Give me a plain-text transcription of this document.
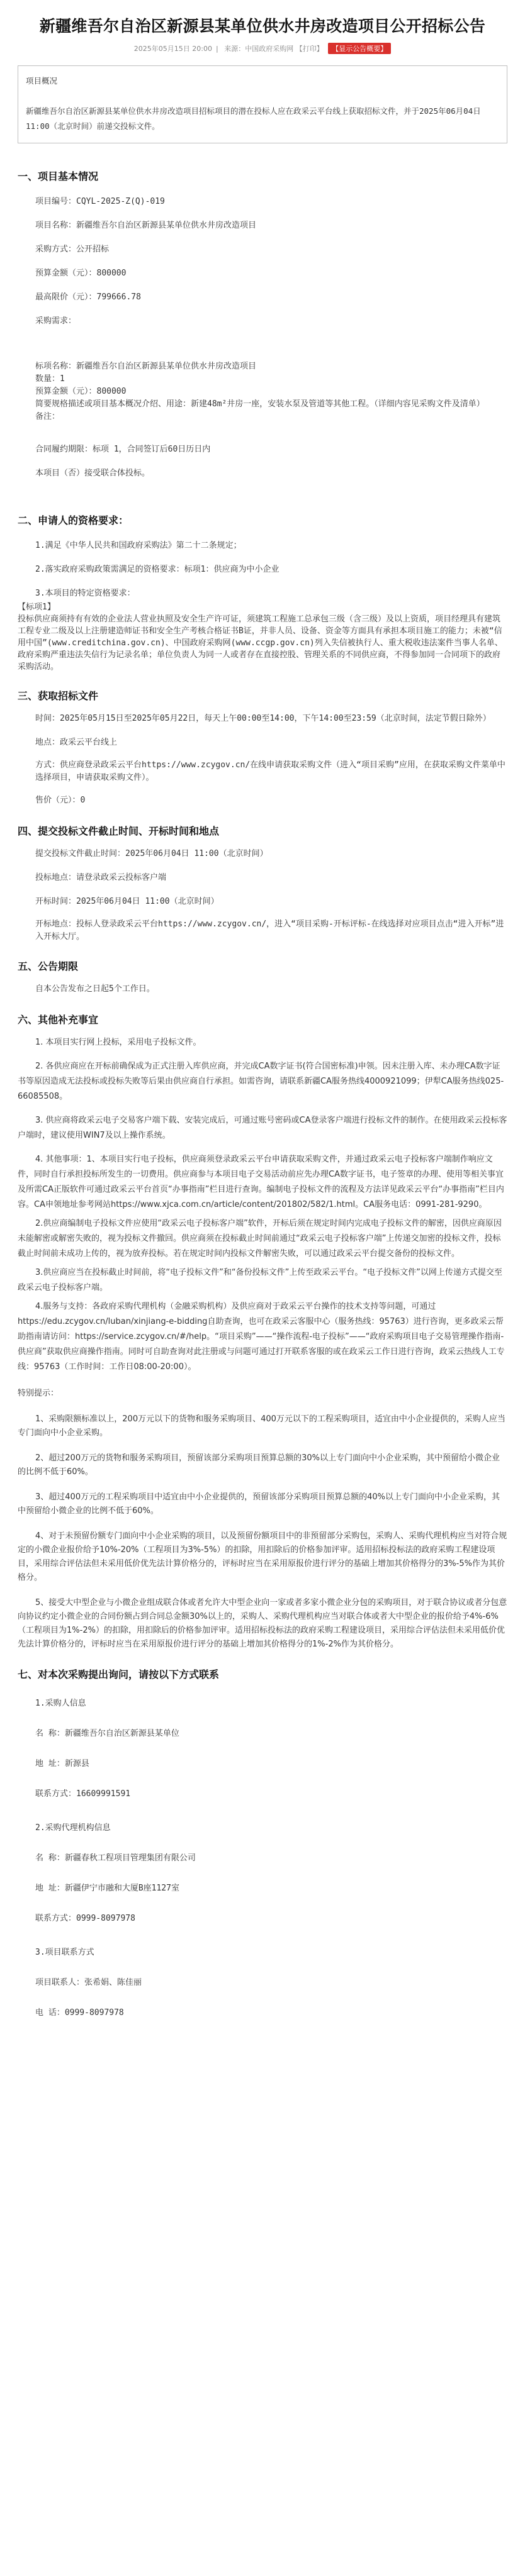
新疆维吾尔自治区新源县某单位供水井房改造项目公开招标公告
2025年05月15日 20:00 | 来源：中国政府采购网 【打印】 【显示公告概要】

项目概况

新疆维吾尔自治区新源县某单位供水井房改造项目招标项目的潜在投标人应在政采云平台线上获取招标文件，并于2025年06月04日 11:00（北京时间）前递交投标文件。

一、项目基本情况

项目编号：CQYL-2025-Z(Q)-019

项目名称：新疆维吾尔自治区新源县某单位供水井房改造项目

采购方式：公开招标

预算金额（元）：800000

最高限价（元）：799666.78

采购需求：

标项名称：新疆维吾尔自治区新源县某单位供水井房改造项目

数量：1

预算金额（元）：800000

简要规格描述或项目基本概况介绍、用途：新建48m²井房一座，安装水泵及管道等其他工程。（详细内容见采购文件及清单）

备注：

合同履约期限：标项 1，合同签订后60日历日内

本项目（否）接受联合体投标。

二、申请人的资格要求：

1.满足《中华人民共和国政府采购法》第二十二条规定；

2.落实政府采购政策需满足的资格要求：标项1：供应商为中小企业

3.本项目的特定资格要求：

【标项1】

投标供应商须持有有效的企业法人营业执照及安全生产许可证，须建筑工程施工总承包三级（含三级）及以上资质，项目经理具有建筑工程专业二级及以上注册建造师证书和安全生产考核合格证书B证，并非人员、设备、资金等方面具有承担本项目施工的能力；未被“信用中国”(www.creditchina.gov.cn)、中国政府采购网(www.ccgp.gov.cn)列入失信被执行人、重大税收违法案件当事人名单、政府采购严重违法失信行为记录名单；单位负责人为同一人或者存在直接控股、管理关系的不同供应商，不得参加同一合同项下的政府采购活动。

三、获取招标文件

时间：2025年05月15日至2025年05月22日，每天上午00:00至14:00，下午14:00至23:59（北京时间，法定节假日除外）

地点：政采云平台线上

方式：供应商登录政采云平台https://www.zcygov.cn/在线申请获取采购文件（进入“项目采购”应用，在获取采购文件菜单中选择项目，申请获取采购文件）。

售价（元）：0

四、提交投标文件截止时间、开标时间和地点

提交投标文件截止时间：2025年06月04日 11:00（北京时间）

投标地点：请登录政采云投标客户端

开标时间：2025年06月04日 11:00（北京时间）

开标地点：投标人登录政采云平台https://www.zcygov.cn/，进入“项目采购-开标评标-在线选择对应项目点击“进入开标”进入开标大厅。

五、公告期限

自本公告发布之日起5个工作日。

六、其他补充事宜

1. 本项目实行网上投标，采用电子投标文件。

2. 各供应商应在开标前确保成为正式注册入库供应商，并完成CA数字证书(符合国密标准)申领。因未注册入库、未办理CA数字证书等原因造成无法投标或投标失败等后果由供应商自行承担。如需咨询，请联系新疆CA服务热线4000921099；伊犁CA服务热线025-66085508。

3. 供应商将政采云电子交易客户端下载、安装完成后，可通过账号密码或CA登录客户端进行投标文件的制作。在使用政采云投标客户端时，建议使用WIN7及以上操作系统。

4. 其他事项：1、本项目实行电子投标，供应商须登录政采云平台申请获取采购文件，并通过政采云电子投标客户端制作响应文件，同时自行承担投标所发生的一切费用。供应商参与本项目电子交易活动前应先办理CA数字证书，电子签章的办理、使用等相关事宜及所需CA正版软件可通过政采云平台首页“办事指南”栏目进行查询。编制电子投标文件的流程及方法详见政采云平台“办事指南”栏目内容。CA申领地址参考网站https://www.xjca.com.cn/article/content/201802/582/1.html。CA服务电话：0991-281-9290。

2.供应商编制电子投标文件应使用“政采云电子投标客户端”软件，开标后须在规定时间内完成电子投标文件的解密，因供应商原因未能解密或解密失败的，视为投标文件撤回。供应商须在投标截止时间前通过“政采云电子投标客户端”上传递交加密的投标文件，投标截止时间前未成功上传的，视为放弃投标。若在规定时间内投标文件解密失败，可以通过政采云平台提交备份的投标文件。

3.供应商应当在投标截止时间前，将“电子投标文件”和“备份投标文件”上传至政采云平台。“电子投标文件”以网上传递方式提交至政采云电子投标客户端。

4.服务与支持：各政府采购代理机构（金融采购机构）及供应商对于政采云平台操作的技术支持等问题，可通过https://edu.zcygov.cn/luban/xinjiang-e-bidding自助查询，也可在政采云客服中心（服务热线：95763）进行咨询，更多政采云帮助指南请访问：https://service.zcygov.cn/#/help。“项目采购”——“操作流程-电子投标”——“政府采购项目电子交易管理操作指南-供应商”获取供应商操作指南。同时可自助查询对此注册或与问题可通过打开联系客服的或在政采云工作日进行咨询，政采云热线人工专线：95763（工作时间：工作日08:00-20:00）。

特别提示：

1、采购限额标准以上，200万元以下的货物和服务采购项目、400万元以下的工程采购项目，适宜由中小企业提供的，采购人应当专门面向中小企业采购。

2、超过200万元的货物和服务采购项目，预留该部分采购项目预算总额的30%以上专门面向中小企业采购，其中预留给小微企业的比例不低于60%。

3、超过400万元的工程采购项目中适宜由中小企业提供的，预留该部分采购项目预算总额的40%以上专门面向中小企业采购，其中预留给小微企业的比例不低于60%。

4、对于未预留份额专门面向中小企业采购的项目，以及预留份额项目中的非预留部分采购包，采购人、采购代理机构应当对符合规定的小微企业报价给予10%-20%（工程项目为3%-5%）的扣除，用扣除后的价格参加评审。适用招标投标法的政府采购工程建设项目，采用综合评估法但未采用低价优先法计算价格分的，评标时应当在采用原报价进行评分的基础上增加其价格得分的3%-5%作为其价格分。

5、接受大中型企业与小微企业组成联合体或者允许大中型企业向一家或者多家小微企业分包的采购项目，对于联合协议或者分包意向协议约定小微企业的合同份额占到合同总金额30%以上的，采购人、采购代理机构应当对联合体或者大中型企业的报价给予4%-6%（工程项目为1%-2%）的扣除，用扣除后的价格参加评审。适用招标投标法的政府采购工程建设项目，采用综合评估法但未采用低价优先法计算价格分的，评标时应当在采用原报价进行评分的基础上增加其价格得分的1%-2%作为其价格分。

七、对本次采购提出询问，请按以下方式联系

1.采购人信息

名 称：新疆维吾尔自治区新源县某单位

地 址：新源县

联系方式：16609991591

2.采购代理机构信息

名 称：新疆春秋工程项目管理集团有限公司

地 址：新疆伊宁市融和大厦B座1127室

联系方式：0999-8097978

3.项目联系方式

项目联系人：张希娟、陈佳丽

电 话：0999-8097978
